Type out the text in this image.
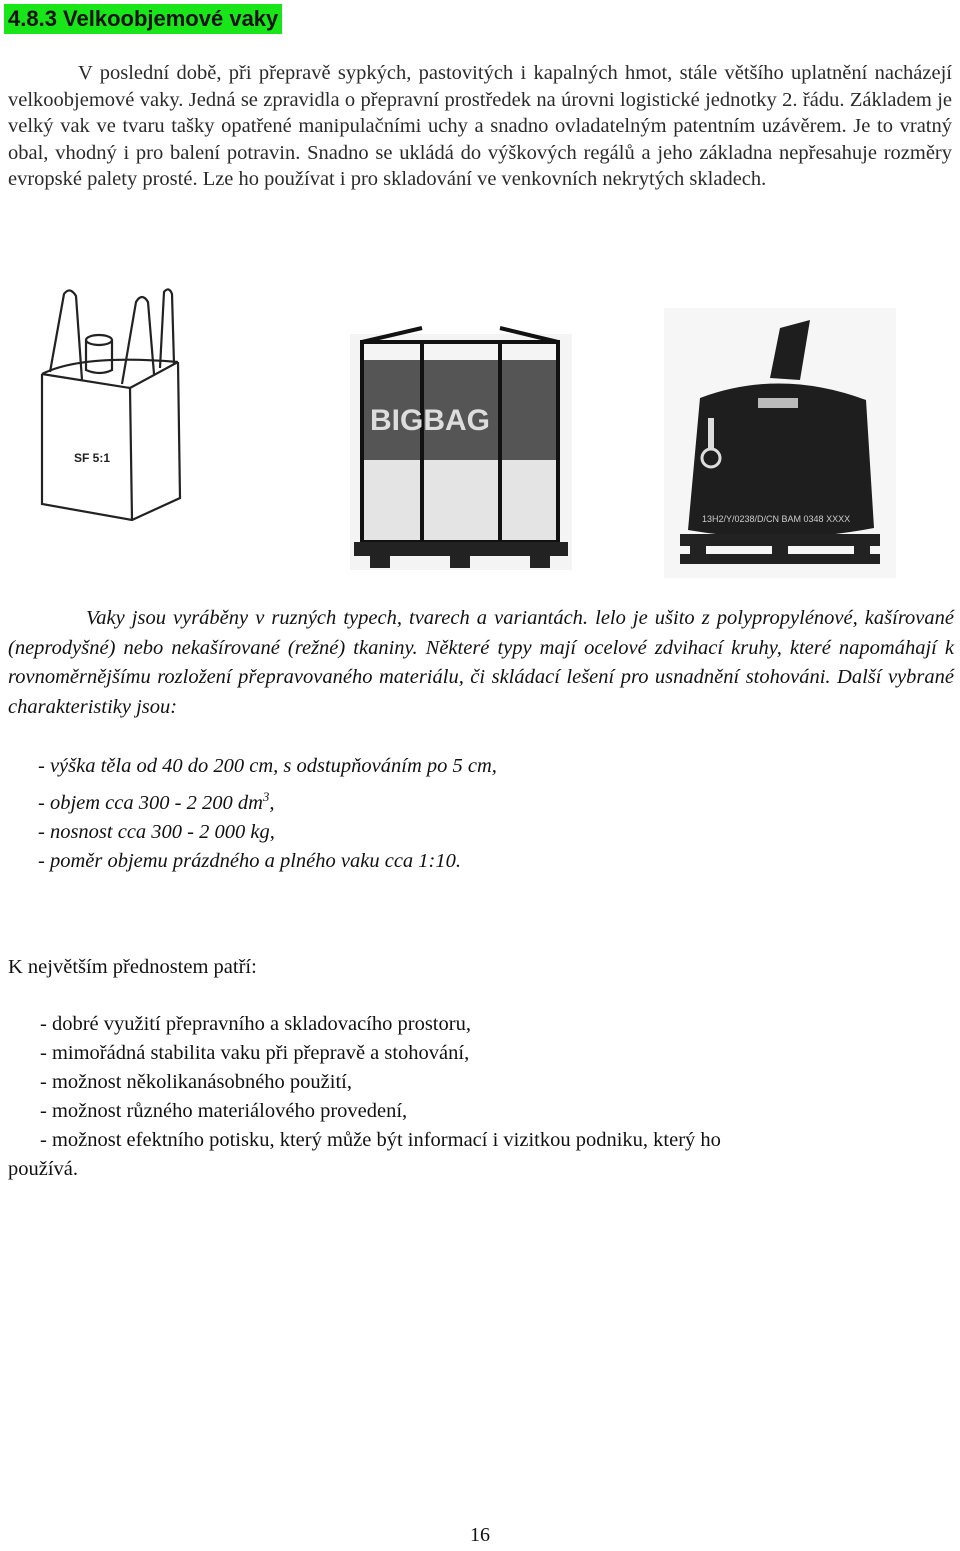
4.8.3 Velkoobjemové vaky

V poslední době, při přepravě sypkých, pastovitých i kapalných hmot, stále většího uplatnění nacházejí velkoobjemové vaky. Jedná se zpravidla o přepravní prostředek na úrovni logistické jednotky 2. řádu. Základem je velký vak ve tvaru tašky opatřené manipulačními uchy a snadno ovladatelným patentním uzávěrem. Je to vratný obal, vhodný i pro balení potravin. Snadno se ukládá do výškových regálů a jeho základna nepřesahuje rozměry evropské palety prosté. Lze ho používat i pro skladování ve venkovních nekrytých skladech.

SF 5:1
BIGBAG
13H2/Y/0238/D/CN BAM 0348 XXXX

Vaky jsou vyráběny v ruzných typech, tvarech a variantách. lelo je ušito z polypropylénové, kašírované (neprodyšné) nebo nekašírované (režné) tkaniny. Některé typy mají ocelové zdvihací kruhy, které napomáhají k rovnoměrnějšímu rozložení přepravovaného materiálu, či skládací lešení pro usnadnění stohováni. Další vybrané charakteristiky jsou:

- výška těla od 40 do 200 cm, s odstupňováním po 5 cm,
- objem cca 300 - 2 200 $dm^3$,
- nosnost cca 300 - 2 000 kg,
- poměr objemu prázdného a plného vaku cca 1:10.
K největším přednostem patří:
- dobré využití přepravního a skladovacího prostoru,
- mimořádná stabilita vaku při přepravě a stohování,
- možnost několikanásobného použití,
- možnost různého materiálového provedení,
- možnost efektního potisku, který může být informací i vizitkou podniku, který ho
používá.
16
